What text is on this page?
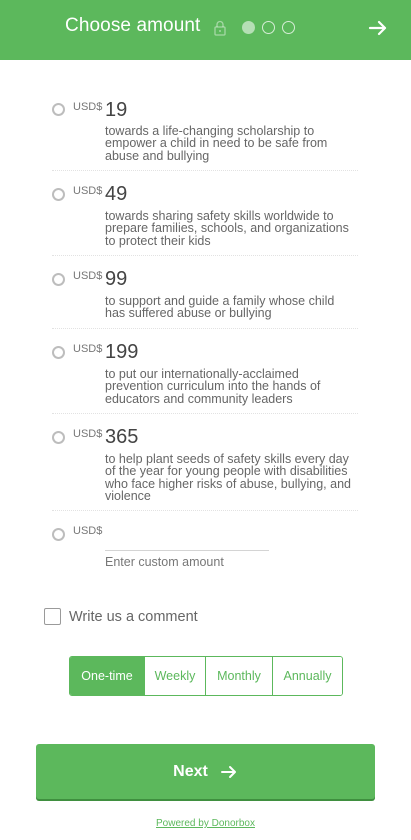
Choose amount
USD$ 19
towards a life-changing scholarship to empower a child in need to be safe from abuse and bullying
USD$ 49
towards sharing safety skills worldwide to prepare families, schools, and organizations to protect their kids
USD$ 99
to support and guide a family whose child has suffered abuse or bullying
USD$ 199
to put our internationally-acclaimed prevention curriculum into the hands of educators and community leaders
USD$ 365
to help plant seeds of safety skills every day of the year for young people with disabilities who face higher risks of abuse, bullying, and violence
USD$
Enter custom amount
Write us a comment
One-time	Weekly	Monthly	Annually
Next
Powered by Donorbox
